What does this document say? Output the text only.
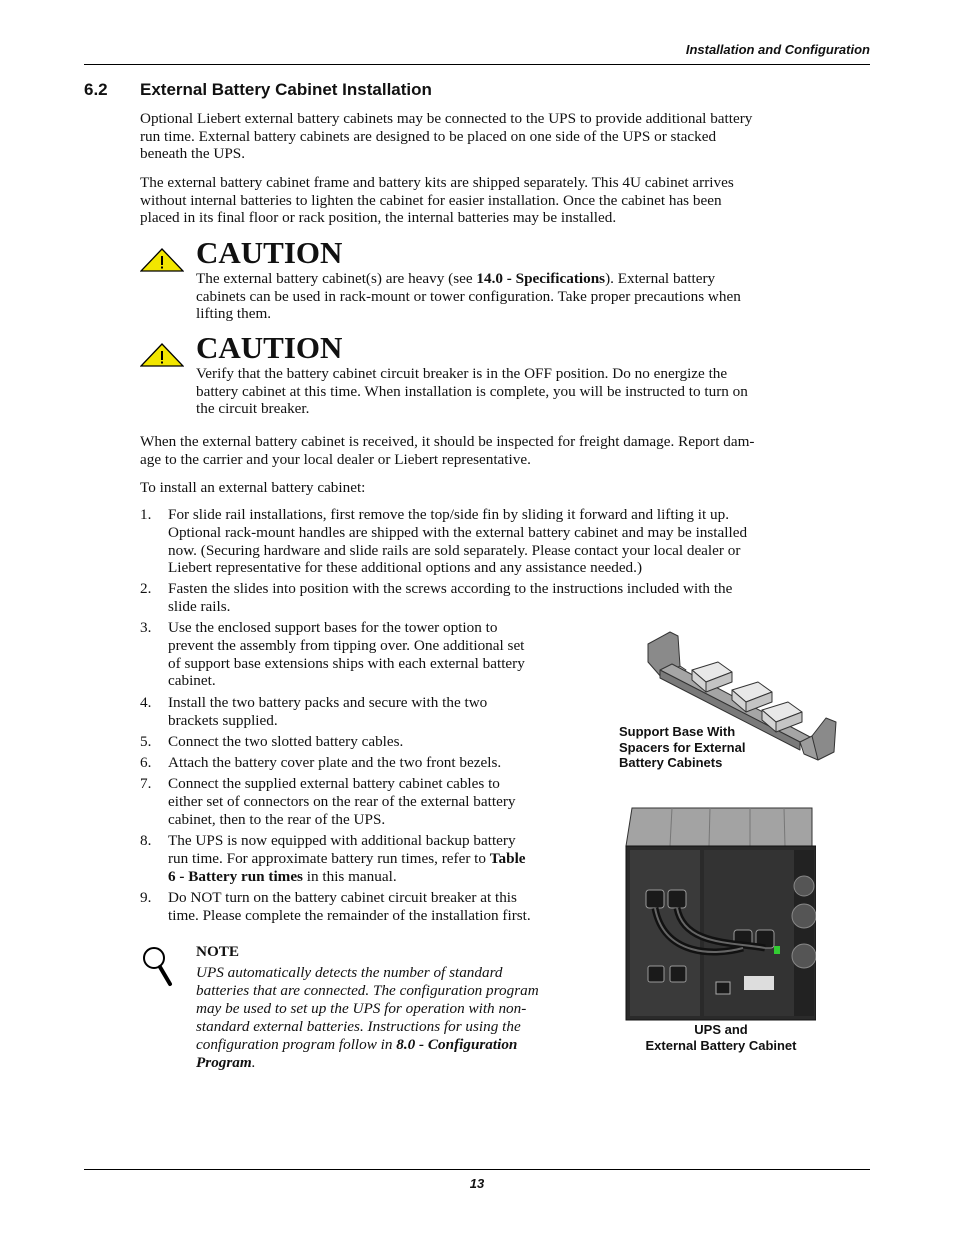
Installation and Configuration
6.2 External Battery Cabinet Installation
Optional Liebert external battery cabinets may be connected to the UPS to provide additional battery
run time. External battery cabinets are designed to be placed on one side of the UPS or stacked
beneath the UPS.
The external battery cabinet frame and battery kits are shipped separately. This 4U cabinet arrives
without internal batteries to lighten the cabinet for easier installation. Once the cabinet has been
placed in its final floor or rack position, the internal batteries may be installed.
CAUTION
The external battery cabinet(s) are heavy (see 14.0 - Specifications). External battery
cabinets can be used in rack-mount or tower configuration. Take proper precautions when
lifting them.
CAUTION
Verify that the battery cabinet circuit breaker is in the OFF position. Do no energize the
battery cabinet at this time. When installation is complete, you will be instructed to turn on
the circuit breaker.
When the external battery cabinet is received, it should be inspected for freight damage. Report dam-
age to the carrier and your local dealer or Liebert representative.
To install an external battery cabinet:
1. For slide rail installations, first remove the top/side fin by sliding it forward and lifting it up.
Optional rack-mount handles are shipped with the external battery cabinet and may be installed
now. (Securing hardware and slide rails are sold separately. Please contact your local dealer or
Liebert representative for these additional options and any assistance needed.)
2. Fasten the slides into position with the screws according to the instructions included with the
slide rails.
3. Use the enclosed support bases for the tower option to
prevent the assembly from tipping over. One additional set
of support base extensions ships with each external battery
cabinet.
4. Install the two battery packs and secure with the two
brackets supplied.
5. Connect the two slotted battery cables.
6. Attach the battery cover plate and the two front bezels.
7. Connect the supplied external battery cabinet cables to
either set of connectors on the rear of the external battery
cabinet, then to the rear of the UPS.
8. The UPS is now equipped with additional backup battery
run time. For approximate battery run times, refer to Table
6 - Battery run times in this manual.
9. Do NOT turn on the battery cabinet circuit breaker at this
time. Please complete the remainder of the installation first.
NOTE
UPS automatically detects the number of standard
batteries that are connected. The configuration program
may be used to set up the UPS for operation with non-
standard external batteries. Instructions for using the
configuration program follow in 8.0 - Configuration
Program.
Support Base With
Spacers for External
Battery Cabinets
UPS and
External Battery Cabinet
13
